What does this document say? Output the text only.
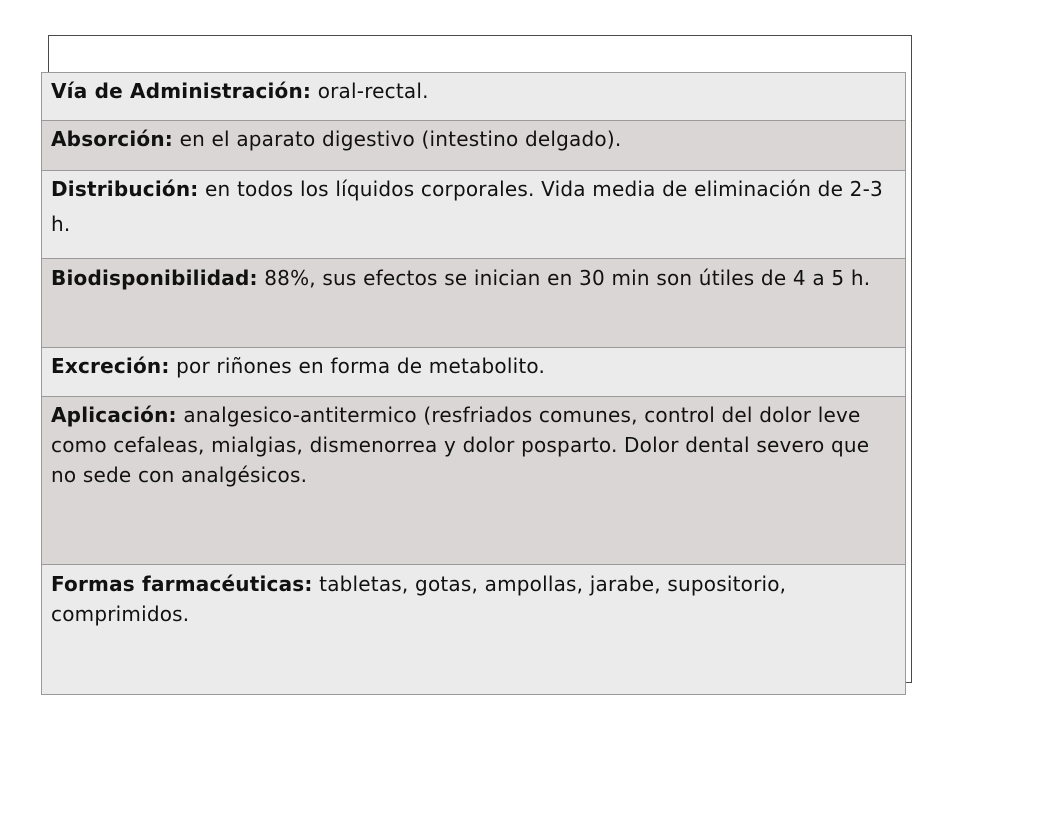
Vía de Administración: oral-rectal.
Absorción: en el aparato digestivo (intestino delgado).
Distribución: en todos los líquidos corporales. Vida media de eliminación de 2-3 h.
Biodisponibilidad: 88%, sus efectos se inician en 30 min son útiles de 4 a 5 h.
Excreción: por riñones en forma de metabolito.
Aplicación: analgesico-antitermico (resfriados comunes, control del dolor leve como cefaleas, mialgias, dismenorrea y dolor posparto. Dolor dental severo que no sede con analgésicos.
Formas farmacéuticas: tabletas, gotas, ampollas, jarabe, supositorio, comprimidos.
